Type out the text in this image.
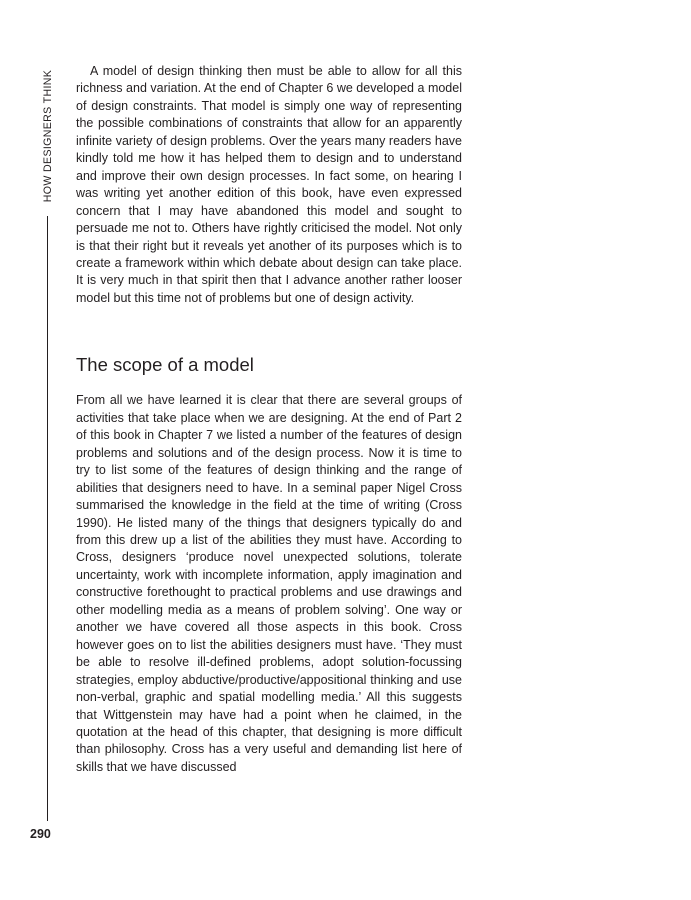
HOW DESIGNERS THINK
290

A model of design thinking then must be able to allow for all this richness and variation. At the end of Chapter 6 we developed a model of design constraints. That model is simply one way of representing the possible combinations of constraints that allow for an apparently infinite variety of design problems. Over the years many readers have kindly told me how it has helped them to design and to understand and improve their own design processes. In fact some, on hearing I was writing yet another edition of this book, have even expressed concern that I may have abandoned this model and sought to persuade me not to. Others have rightly criticised the model. Not only is that their right but it reveals yet another of its purposes which is to create a framework within which debate about design can take place. It is very much in that spirit then that I advance another rather looser model but this time not of problems but one of design activity.

The scope of a model

From all we have learned it is clear that there are several groups of activities that take place when we are designing. At the end of Part 2 of this book in Chapter 7 we listed a number of the features of design problems and solutions and of the design process. Now it is time to try to list some of the features of design thinking and the range of abilities that designers need to have. In a seminal paper Nigel Cross summarised the knowledge in the field at the time of writing (Cross 1990). He listed many of the things that designers typically do and from this drew up a list of the abilities they must have. According to Cross, designers ‘produce novel unexpected solutions, tolerate uncertainty, work with incomplete information, apply imagination and constructive forethought to practical problems and use drawings and other modelling media as a means of problem solving’. One way or another we have covered all those aspects in this book. Cross however goes on to list the abilities designers must have. ‘They must be able to resolve ill-defined problems, adopt solution-focussing strategies, employ abductive/productive/appositional thinking and use non-verbal, graphic and spatial modelling media.’ All this suggests that Wittgenstein may have had a point when he claimed, in the quotation at the head of this chapter, that designing is more difficult than philosophy. Cross has a very useful and demanding list here of skills that we have discussed
